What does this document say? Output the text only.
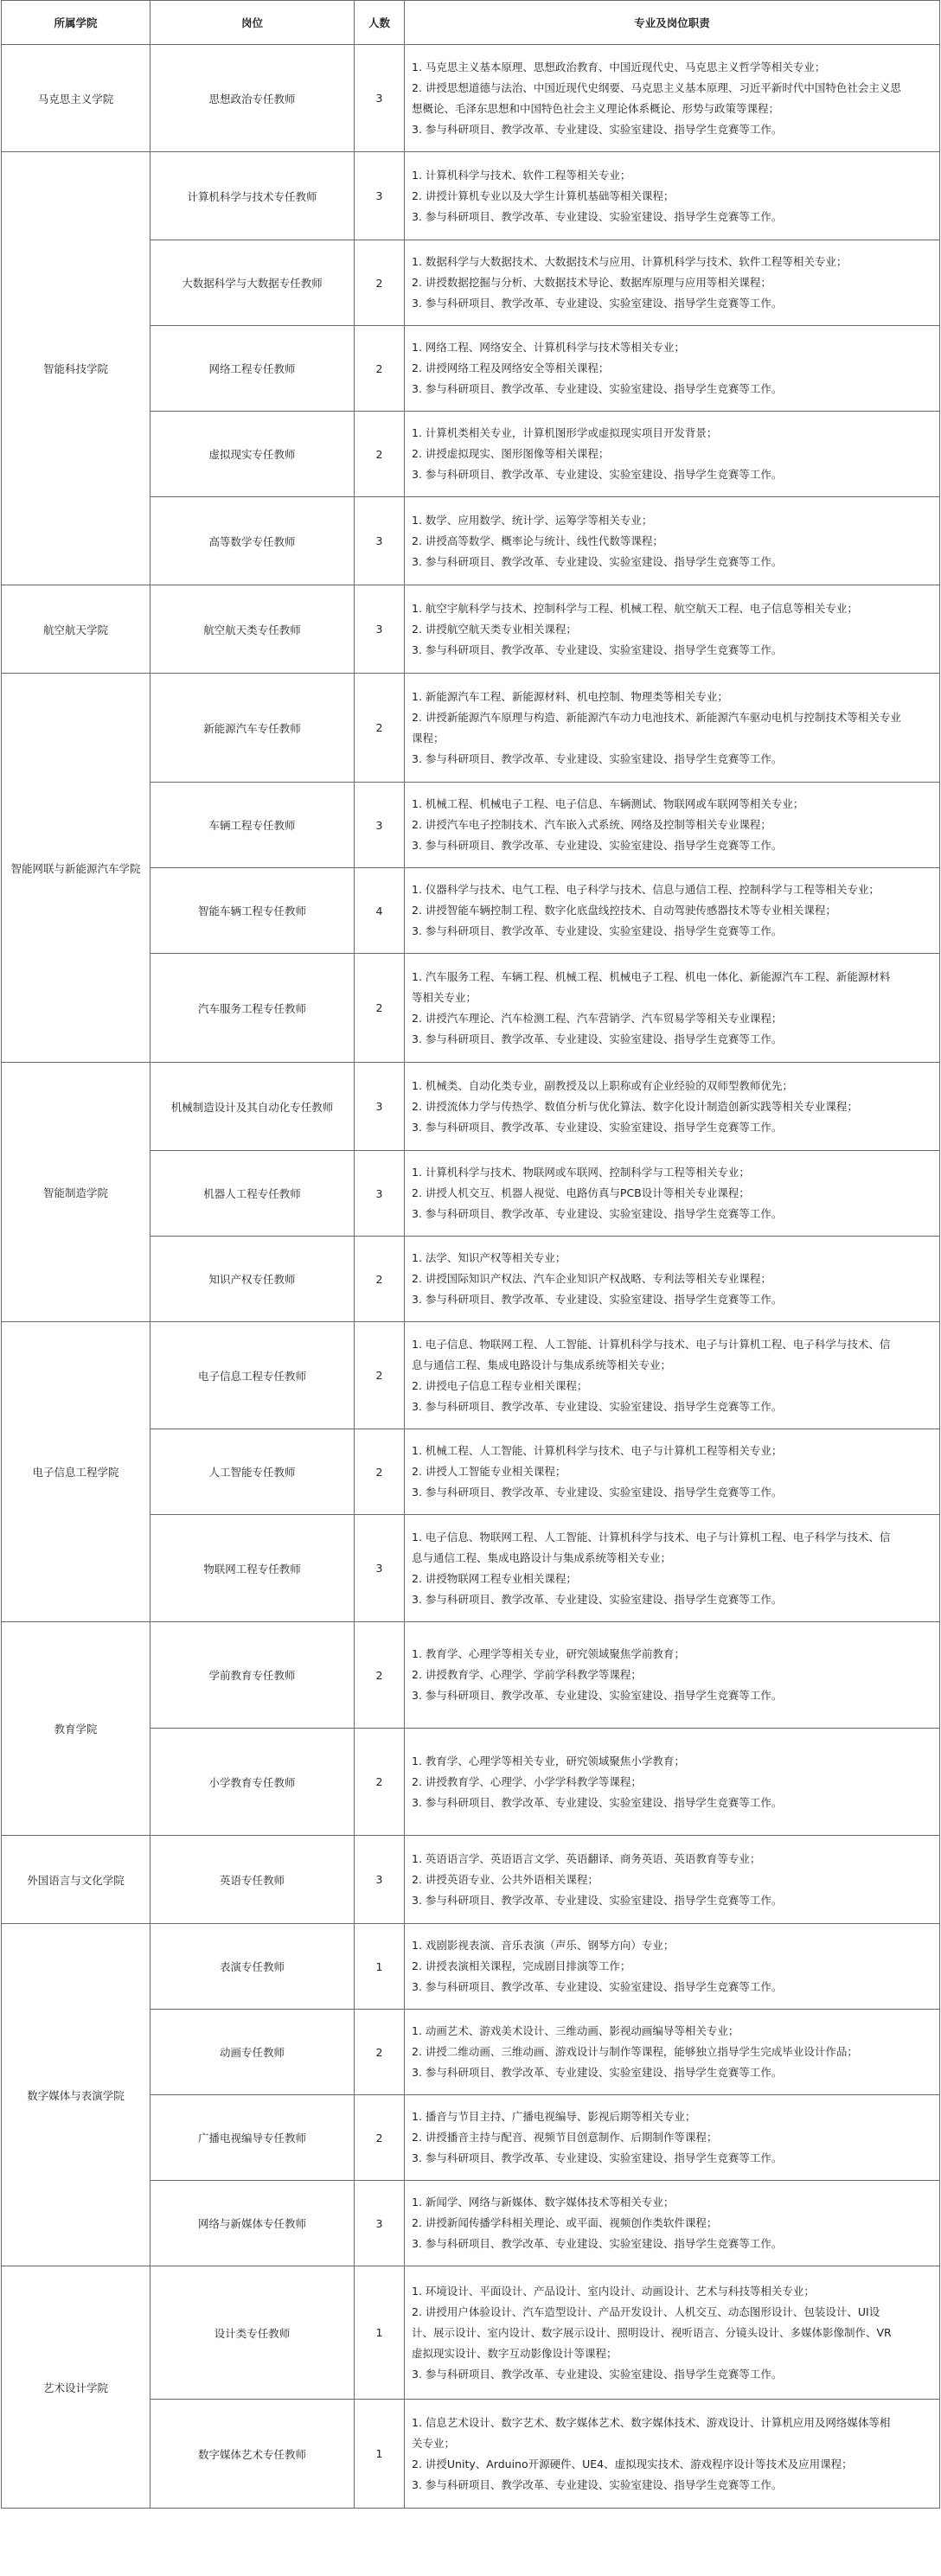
所属学院	岗位	人数	专业及岗位职责
马克思主义学院	思想政治专任教师	3	1. 马克思主义基本原理、思想政治教育、中国近现代史、马克思主义哲学等相关专业；
2. 讲授思想道德与法治、中国近现代史纲要、马克思主义基本原理、习近平新时代中国特色社会主义思
想概论、毛泽东思想和中国特色社会主义理论体系概论、形势与政策等课程；
3. 参与科研项目、教学改革、专业建设、实验室建设、指导学生竞赛等工作。

智能科技学院	计算机科学与技术专任教师	3	1. 计算机科学与技术、软件工程等相关专业；
2. 讲授计算机专业以及大学生计算机基础等相关课程；
3. 参与科研项目、教学改革、专业建设、实验室建设、指导学生竞赛等工作。

	大数据科学与大数据专任教师	2	1. 数据科学与大数据技术、大数据技术与应用、计算机科学与技术、软件工程等相关专业；
2. 讲授数据挖掘与分析、大数据技术导论、数据库原理与应用等相关课程；
3. 参与科研项目、教学改革、专业建设、实验室建设、指导学生竞赛等工作。

	网络工程专任教师	2	1. 网络工程、网络安全、计算机科学与技术等相关专业；
2. 讲授网络工程及网络安全等相关课程；
3. 参与科研项目、教学改革、专业建设、实验室建设、指导学生竞赛等工作。

	虚拟现实专任教师	2	1. 计算机类相关专业，计算机图形学或虚拟现实项目开发背景；
2. 讲授虚拟现实、图形图像等相关课程；
3. 参与科研项目、教学改革、专业建设、实验室建设、指导学生竞赛等工作。

	高等数学专任教师	3	1. 数学、应用数学、统计学、运筹学等相关专业；
2. 讲授高等数学、概率论与统计、线性代数等课程；
3. 参与科研项目、教学改革、专业建设、实验室建设、指导学生竞赛等工作。

航空航天学院	航空航天类专任教师	3	1. 航空宇航科学与技术、控制科学与工程、机械工程、航空航天工程、电子信息等相关专业；
2. 讲授航空航天类专业相关课程；
3. 参与科研项目、教学改革、专业建设、实验室建设、指导学生竞赛等工作。

智能网联与新能源汽车学院	新能源汽车专任教师	2	1. 新能源汽车工程、新能源材料、机电控制、物理类等相关专业；
2. 讲授新能源汽车原理与构造、新能源汽车动力电池技术、新能源汽车驱动电机与控制技术等相关专业
课程；
3. 参与科研项目、教学改革、专业建设、实验室建设、指导学生竞赛等工作。

	车辆工程专任教师	3	1. 机械工程、机械电子工程、电子信息、车辆测试、物联网或车联网等相关专业；
2. 讲授汽车电子控制技术、汽车嵌入式系统、网络及控制等相关专业课程；
3. 参与科研项目、教学改革、专业建设、实验室建设、指导学生竞赛等工作。

	智能车辆工程专任教师	4	1. 仪器科学与技术、电气工程、电子科学与技术、信息与通信工程、控制科学与工程等相关专业；
2. 讲授智能车辆控制工程、数字化底盘线控技术、自动驾驶传感器技术等专业相关课程；
3. 参与科研项目、教学改革、专业建设、实验室建设、指导学生竞赛等工作。

	汽车服务工程专任教师	2	1. 汽车服务工程、车辆工程、机械工程、机械电子工程、机电一体化、新能源汽车工程、新能源材料
等相关专业；
2. 讲授汽车理论、汽车检测工程、汽车营销学、汽车贸易学等相关专业课程；
3. 参与科研项目、教学改革、专业建设、实验室建设、指导学生竞赛等工作。

智能制造学院	机械制造设计及其自动化专任教师	3	1. 机械类、自动化类专业，副教授及以上职称或有企业经验的双师型教师优先；
2. 讲授流体力学与传热学、数值分析与优化算法、数字化设计制造创新实践等相关专业课程；
3. 参与科研项目、教学改革、专业建设、实验室建设、指导学生竞赛等工作。

	机器人工程专任教师	3	1. 计算机科学与技术、物联网或车联网、控制科学与工程等相关专业；
2. 讲授人机交互、机器人视觉、电路仿真与PCB设计等相关专业课程；
3. 参与科研项目、教学改革、专业建设、实验室建设、指导学生竞赛等工作。

	知识产权专任教师	2	1. 法学、知识产权等相关专业；
2. 讲授国际知识产权法、汽车企业知识产权战略、专利法等相关专业课程；
3. 参与科研项目、教学改革、专业建设、实验室建设、指导学生竞赛等工作。

电子信息工程学院	电子信息工程专任教师	2	1. 电子信息、物联网工程、人工智能、计算机科学与技术、电子与计算机工程、电子科学与技术、信
息与通信工程、集成电路设计与集成系统等相关专业；
2. 讲授电子信息工程专业相关课程；
3. 参与科研项目、教学改革、专业建设、实验室建设、指导学生竞赛等工作。

	人工智能专任教师	2	1. 机械工程、人工智能、计算机科学与技术、电子与计算机工程等相关专业；
2. 讲授人工智能专业相关课程；
3. 参与科研项目、教学改革、专业建设、实验室建设、指导学生竞赛等工作。

	物联网工程专任教师	3	1. 电子信息、物联网工程、人工智能、计算机科学与技术、电子与计算机工程、电子科学与技术、信
息与通信工程、集成电路设计与集成系统等相关专业；
2. 讲授物联网工程专业相关课程；
3. 参与科研项目、教学改革、专业建设、实验室建设、指导学生竞赛等工作。

教育学院	学前教育专任教师	2	1. 教育学、心理学等相关专业，研究领域聚焦学前教育；
2. 讲授教育学、心理学、学前学科教学等课程；
3. 参与科研项目、教学改革、专业建设、实验室建设、指导学生竞赛等工作。

	小学教育专任教师	2	1. 教育学、心理学等相关专业，研究领域聚焦小学教育；
2. 讲授教育学、心理学、小学学科教学等课程；
3. 参与科研项目、教学改革、专业建设、实验室建设、指导学生竞赛等工作。

外国语言与文化学院	英语专任教师	3	1. 英语语言学、英语语言文学、英语翻译、商务英语、英语教育等专业；
2. 讲授英语专业、公共外语相关课程；
3. 参与科研项目、教学改革、专业建设、实验室建设、指导学生竞赛等工作。

数字媒体与表演学院	表演专任教师	1	1. 戏剧影视表演、音乐表演（声乐、钢琴方向）专业；
2. 讲授表演相关课程，完成剧目排演等工作；
3. 参与科研项目、教学改革、专业建设、实验室建设、指导学生竞赛等工作。

	动画专任教师	2	1. 动画艺术、游戏美术设计、三维动画、影视动画编导等相关专业；
2. 讲授二维动画、三维动画、游戏设计与制作等课程，能够独立指导学生完成毕业设计作品；
3. 参与科研项目、教学改革、专业建设、实验室建设、指导学生竞赛等工作。

	广播电视编导专任教师	2	1. 播音与节目主持、广播电视编导、影视后期等相关专业；
2. 讲授播音主持与配音、视频节目创意制作、后期制作等课程；
3. 参与科研项目、教学改革、专业建设、实验室建设、指导学生竞赛等工作。

	网络与新媒体专任教师	3	1. 新闻学、网络与新媒体、数字媒体技术等相关专业；
2. 讲授新闻传播学科相关理论、或平面、视频创作类软件课程；
3. 参与科研项目、教学改革、专业建设、实验室建设、指导学生竞赛等工作。

艺术设计学院	设计类专任教师	1	1. 环境设计、平面设计、产品设计、室内设计、动画设计、艺术与科技等相关专业；
2. 讲授用户体验设计、汽车造型设计、产品开发设计、人机交互、动态图形设计、包装设计、UI设
计、展示设计、室内设计、数字展示设计、照明设计、视听语言、分镜头设计、多媒体影像制作、VR
虚拟现实设计、数字互动影像设计等课程；
3. 参与科研项目、教学改革、专业建设、实验室建设、指导学生竞赛等工作。

	数字媒体艺术专任教师	1	1. 信息艺术设计、数字艺术、数字媒体艺术、数字媒体技术、游戏设计、计算机应用及网络媒体等相
关专业；
2. 讲授Unity、Arduino开源硬件、UE4、虚拟现实技术、游戏程序设计等技术及应用课程；
3. 参与科研项目、教学改革、专业建设、实验室建设、指导学生竞赛等工作。
